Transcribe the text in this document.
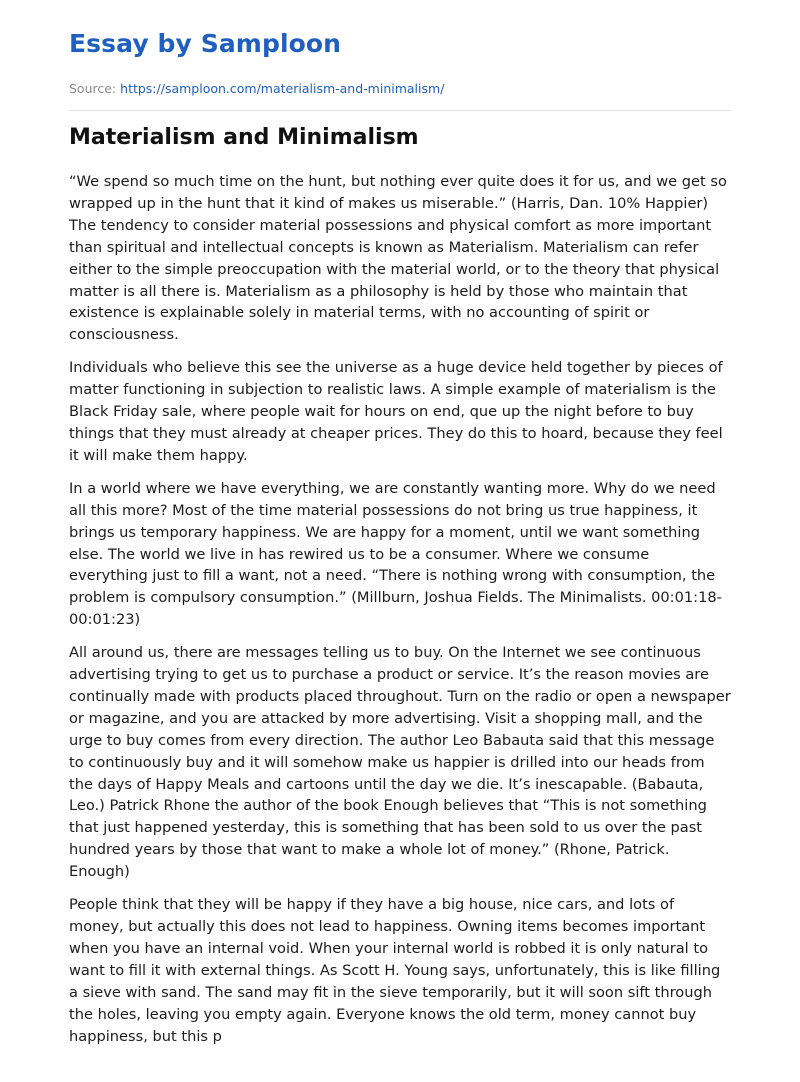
Essay by Samploon
Source: https://samploon.com/materialism-and-minimalism/
Materialism and Minimalism

“We spend so much time on the hunt, but nothing ever quite does it for us, and we get so wrapped up in the hunt that it kind of makes us miserable.” (Harris, Dan. 10% Happier) The tendency to consider material possessions and physical comfort as more important than spiritual and intellectual concepts is known as Materialism. Materialism can refer either to the simple preoccupation with the material world, or to the theory that physical matter is all there is. Materialism as a philosophy is held by those who maintain that existence is explainable solely in material terms, with no accounting of spirit or consciousness.

Individuals who believe this see the universe as a huge device held together by pieces of matter functioning in subjection to realistic laws. A simple example of materialism is the Black Friday sale, where people wait for hours on end, que up the night before to buy things that they must already at cheaper prices. They do this to hoard, because they feel it will make them happy.

In a world where we have everything, we are constantly wanting more. Why do we need all this more? Most of the time material possessions do not bring us true happiness, it brings us temporary happiness. We are happy for a moment, until we want something else. The world we live in has rewired us to be a consumer. Where we consume everything just to fill a want, not a need. “There is nothing wrong with consumption, the problem is compulsory consumption.” (Millburn, Joshua Fields. The Minimalists. 00:01:18-00:01:23)

All around us, there are messages telling us to buy. On the Internet we see continuous advertising trying to get us to purchase a product or service. It’s the reason movies are continually made with products placed throughout. Turn on the radio or open a newspaper or magazine, and you are attacked by more advertising. Visit a shopping mall, and the urge to buy comes from every direction. The author Leo Babauta said that this message to continuously buy and it will somehow make us happier is drilled into our heads from the days of Happy Meals and cartoons until the day we die. It’s inescapable. (Babauta, Leo.) Patrick Rhone the author of the book Enough believes that “This is not something that just happened yesterday, this is something that has been sold to us over the past hundred years by those that want to make a whole lot of money.” (Rhone, Patrick. Enough)

People think that they will be happy if they have a big house, nice cars, and lots of money, but actually this does not lead to happiness. Owning items becomes important when you have an internal void. When your internal world is robbed it is only natural to want to fill it with external things. As Scott H. Young says, unfortunately, this is like filling a sieve with sand. The sand may fit in the sieve temporarily, but it will soon sift through the holes, leaving you empty again. Everyone knows the old term, money cannot buy happiness, but this p
